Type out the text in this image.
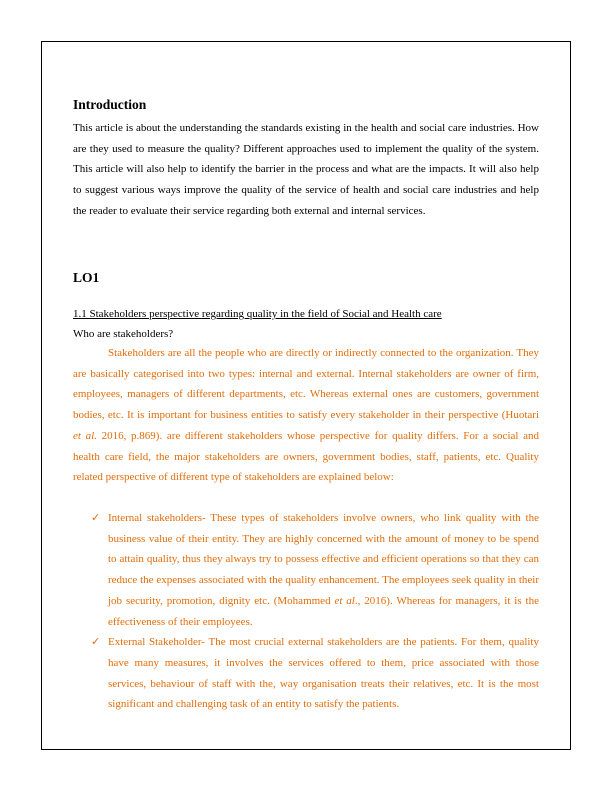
Introduction

This article is about the understanding the standards existing in the health and social care industries. How are they used to measure the quality? Different approaches used to implement the quality of the system. This article will also help to identify the barrier in the process and what are the impacts. It will also help to suggest various ways improve the quality of the service of health and social care industries and help the reader to evaluate their service regarding both external and internal services.

LO1

1.1 Stakeholders perspective regarding quality in the field of Social and Health care

Who are stakeholders?

Stakeholders are all the people who are directly or indirectly connected to the organization. They are basically categorised into two types: internal and external. Internal stakeholders are owner of firm, employees, managers of different departments, etc. Whereas external ones are customers, government bodies, etc. It is important for business entities to satisfy every stakeholder in their perspective (Huotari et al. 2016, p.869). are different stakeholders whose perspective for quality differs. For a social and health care field, the major stakeholders are owners, government bodies, staff, patients, etc. Quality related perspective of different type of stakeholders are explained below:

✓ Internal stakeholders- These types of stakeholders involve owners, who link quality with the business value of their entity. They are highly concerned with the amount of money to be spend to attain quality, thus they always try to possess effective and efficient operations so that they can reduce the expenses associated with the quality enhancement. The employees seek quality in their job security, promotion, dignity etc. (Mohammed et al., 2016). Whereas for managers, it is the effectiveness of their employees.
✓ External Stakeholder- The most crucial external stakeholders are the patients. For them, quality have many measures, it involves the services offered to them, price associated with those services, behaviour of staff with the, way organisation treats their relatives, etc. It is the most significant and challenging task of an entity to satisfy the patients.
